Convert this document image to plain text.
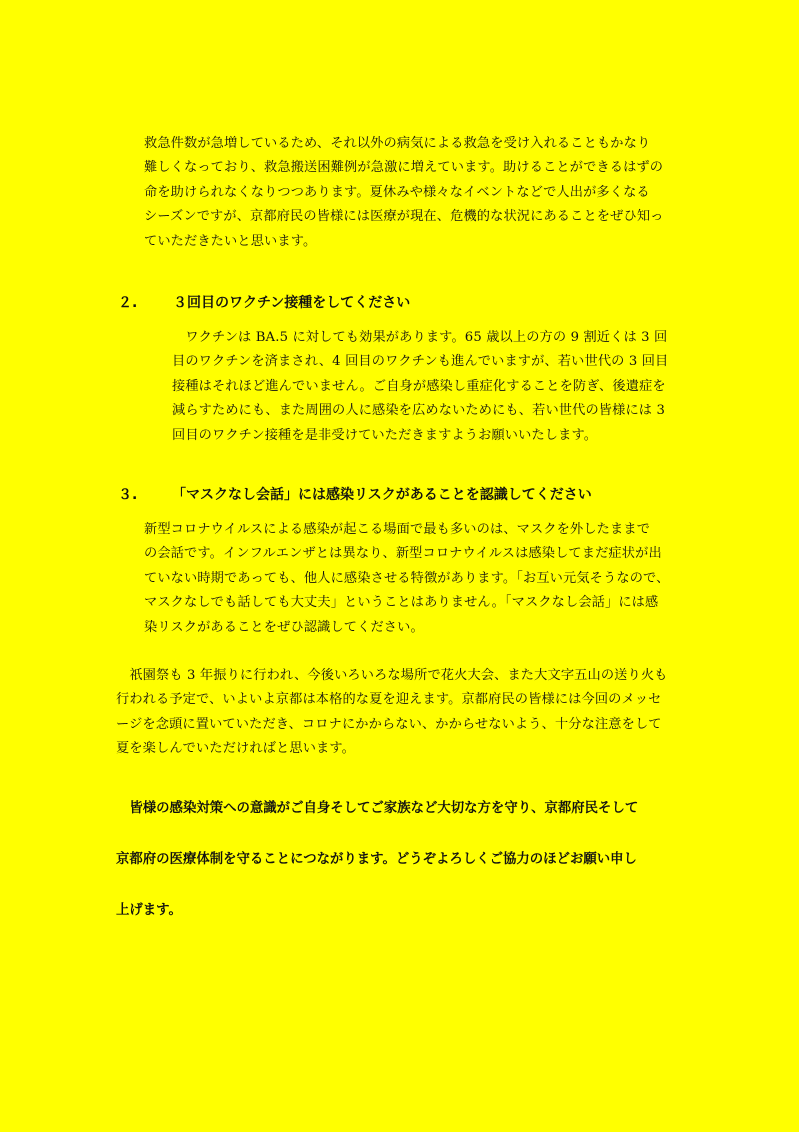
救急件数が急増しているため、それ以外の病気による救急を受け入れることもかなり
難しくなっており、救急搬送困難例が急激に増えています。助けることができるはずの
命を助けられなくなりつつあります。夏休みや様々なイベントなどで人出が多くなる
シーズンですが、京都府民の皆様には医療が現在、危機的な状況にあることをぜひ知っ
ていただきたいと思います。
２.	３回目のワクチン接種をしてください
　ワクチンは BA.5 に対しても効果があります。65 歳以上の方の 9 割近くは 3 回
目のワクチンを済まされ、4 回目のワクチンも進んでいますが、若い世代の 3 回目
接種はそれほど進んでいません。ご自身が感染し重症化することを防ぎ、後遺症を
減らすためにも、また周囲の人に感染を広めないためにも、若い世代の皆様には 3
回目のワクチン接種を是非受けていただきますようお願いいたします。
３. 「マスクなし会話」には感染リスクがあることを認識してください
新型コロナウイルスによる感染が起こる場面で最も多いのは、マスクを外したままで
の会話です。インフルエンザとは異なり、新型コロナウイルスは感染してまだ症状が出
ていない時期であっても、他人に感染させる特徴があります。「お互い元気そうなので、
マスクなしでも話しても大丈夫」ということはありません。「マスクなし会話」には感
染リスクがあることをぜひ認識してください。
　祇園祭も 3 年振りに行われ、今後いろいろな場所で花火大会、また大文字五山の送り火も
行われる予定で、いよいよ京都は本格的な夏を迎えます。京都府民の皆様には今回のメッセ
ージを念頭に置いていただき、コロナにかからない、かからせないよう、十分な注意をして
夏を楽しんでいただければと思います。
　皆様の感染対策への意識がご自身そしてご家族など大切な方を守り、京都府民そして
京都府の医療体制を守ることにつながります。どうぞよろしくご協力のほどお願い申し
上げます。
